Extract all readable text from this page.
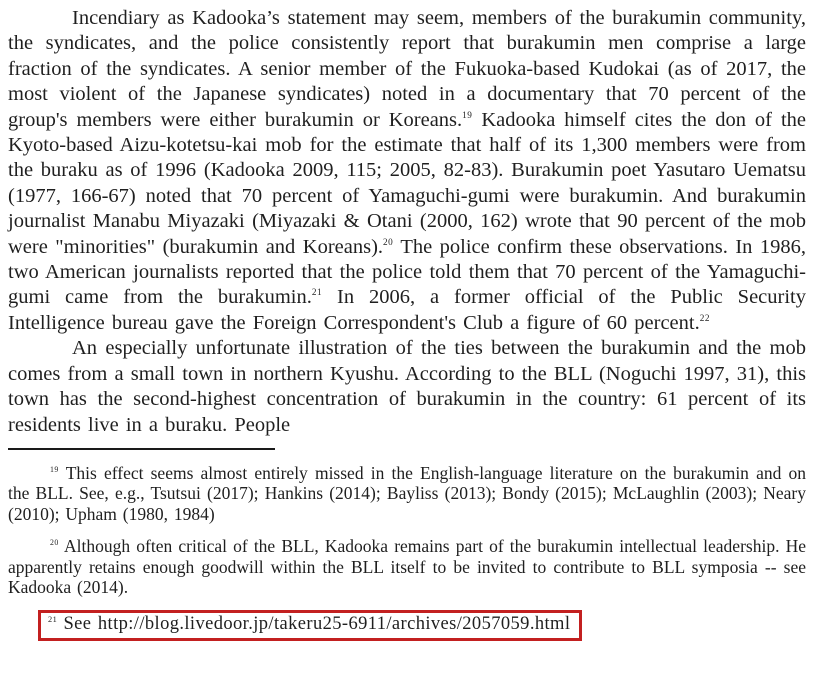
Incendiary as Kadooka’s statement may seem, members of the burakumin community, the syndicates, and the police consistently report that burakumin men comprise a large fraction of the syndicates. A senior member of the Fukuoka-based Kudokai (as of 2017, the most violent of the Japanese syndicates) noted in a documentary that 70 percent of the group's members were either burakumin or Koreans.$^{19}$ Kadooka himself cites the don of the Kyoto-based Aizu-kotetsu-kai mob for the estimate that half of its 1,300 members were from the buraku as of 1996 (Kadooka 2009, 115; 2005, 82-83). Burakumin poet Yasutaro Uematsu (1977, 166-67) noted that 70 percent of Yamaguchi-gumi were burakumin. And burakumin journalist Manabu Miyazaki (Miyazaki & Otani (2000, 162) wrote that 90 percent of the mob were "minorities" (burakumin and Koreans).$^{20}$ The police confirm these observations. In 1986, two American journalists reported that the police told them that 70 percent of the Yamaguchi-gumi came from the burakumin.$^{21}$ In 2006, a former official of the Public Security Intelligence bureau gave the Foreign Correspondent's Club a figure of 60 percent.$^{22}$

An especially unfortunate illustration of the ties between the burakumin and the mob comes from a small town in northern Kyushu. According to the BLL (Noguchi 1997, 31), this town has the second-highest concentration of burakumin in the country: 61 percent of its residents live in a buraku. People

$^{19}$ This effect seems almost entirely missed in the English-language literature on the burakumin and on the BLL. See, e.g., Tsutsui (2017); Hankins (2014); Bayliss (2013); Bondy (2015); McLaughlin (2003); Neary (2010); Upham (1980, 1984)

$^{20}$ Although often critical of the BLL, Kadooka remains part of the burakumin intellectual leadership. He apparently retains enough goodwill within the BLL itself to be invited to contribute to BLL symposia -- see Kadooka (2014).

$^{21}$ See http://blog.livedoor.jp/takeru25-6911/archives/2057059.html
